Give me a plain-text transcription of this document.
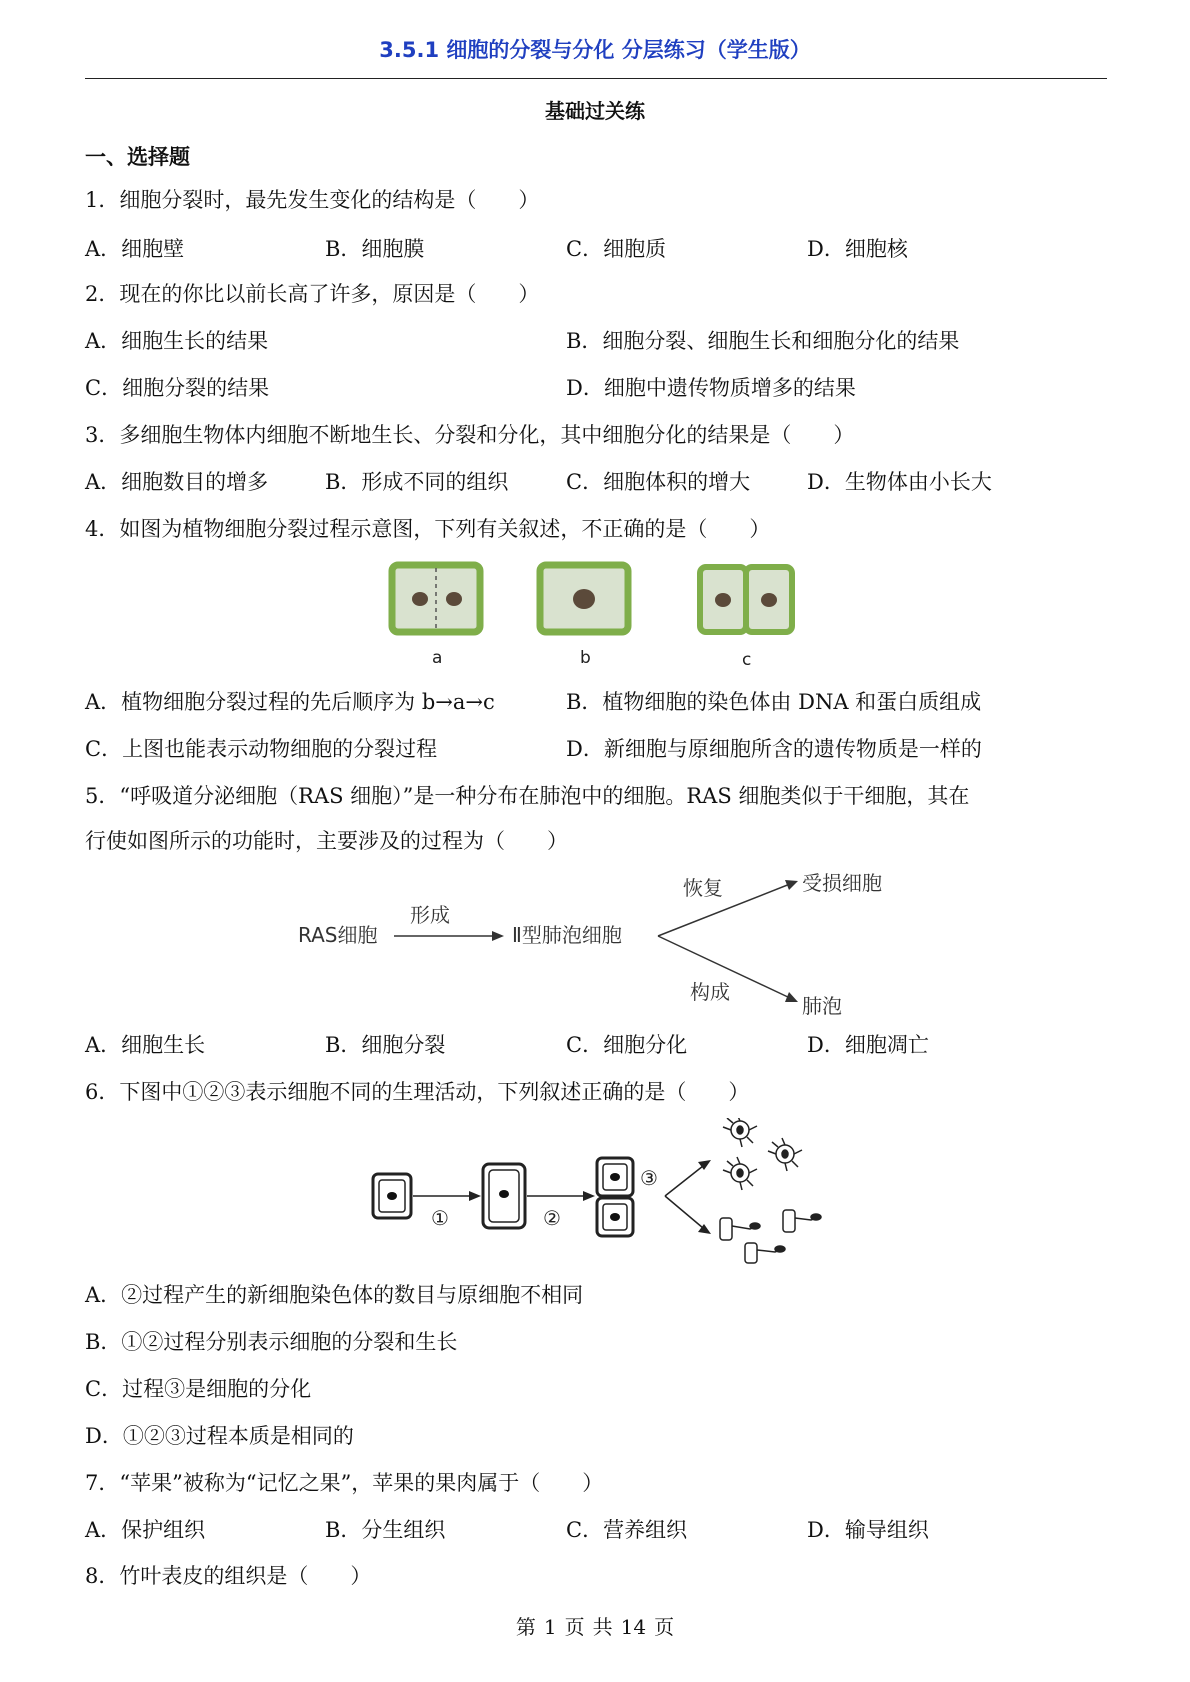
3.5.1 细胞的分裂与分化 分层练习（学生版）
基础过关练
一、选择题
1．细胞分裂时，最先发生变化的结构是（　　）
A．细胞壁	B．细胞膜	C．细胞质	D．细胞核
2．现在的你比以前长高了许多，原因是（　　）
A．细胞生长的结果	B．细胞分裂、细胞生长和细胞分化的结果
C．细胞分裂的结果	D．细胞中遗传物质增多的结果
3．多细胞生物体内细胞不断地生长、分裂和分化，其中细胞分化的结果是（　　）
A．细胞数目的增多	B．形成不同的组织	C．细胞体积的增大	D．生物体由小长大
4．如图为植物细胞分裂过程示意图，下列有关叙述，不正确的是（　　）
a	b	c
A．植物细胞分裂过程的先后顺序为 b→a→c	B．植物细胞的染色体由 DNA 和蛋白质组成
C．上图也能表示动物细胞的分裂过程	D．新细胞与原细胞所含的遗传物质是一样的
5．“呼吸道分泌细胞（RAS 细胞）”是一种分布在肺泡中的细胞。RAS 细胞类似于干细胞，其在
行使如图所示的功能时，主要涉及的过程为（　　）
RAS细胞
形成
Ⅱ型肺泡细胞
恢复	受损细胞
构成
肺泡
A．细胞生长	B．细胞分裂	C．细胞分化	D．细胞凋亡
6．下图中①②③表示细胞不同的生理活动，下列叙述正确的是（　　）
①	②
③
A．②过程产生的新细胞染色体的数目与原细胞不相同
B．①②过程分别表示细胞的分裂和生长
C．过程③是细胞的分化
D．①②③过程本质是相同的
7．“苹果”被称为“记忆之果”，苹果的果肉属于（　　）
A．保护组织	B．分生组织	C．营养组织	D．输导组织
8．竹叶表皮的组织是（　　）
第 1 页 共 14 页
